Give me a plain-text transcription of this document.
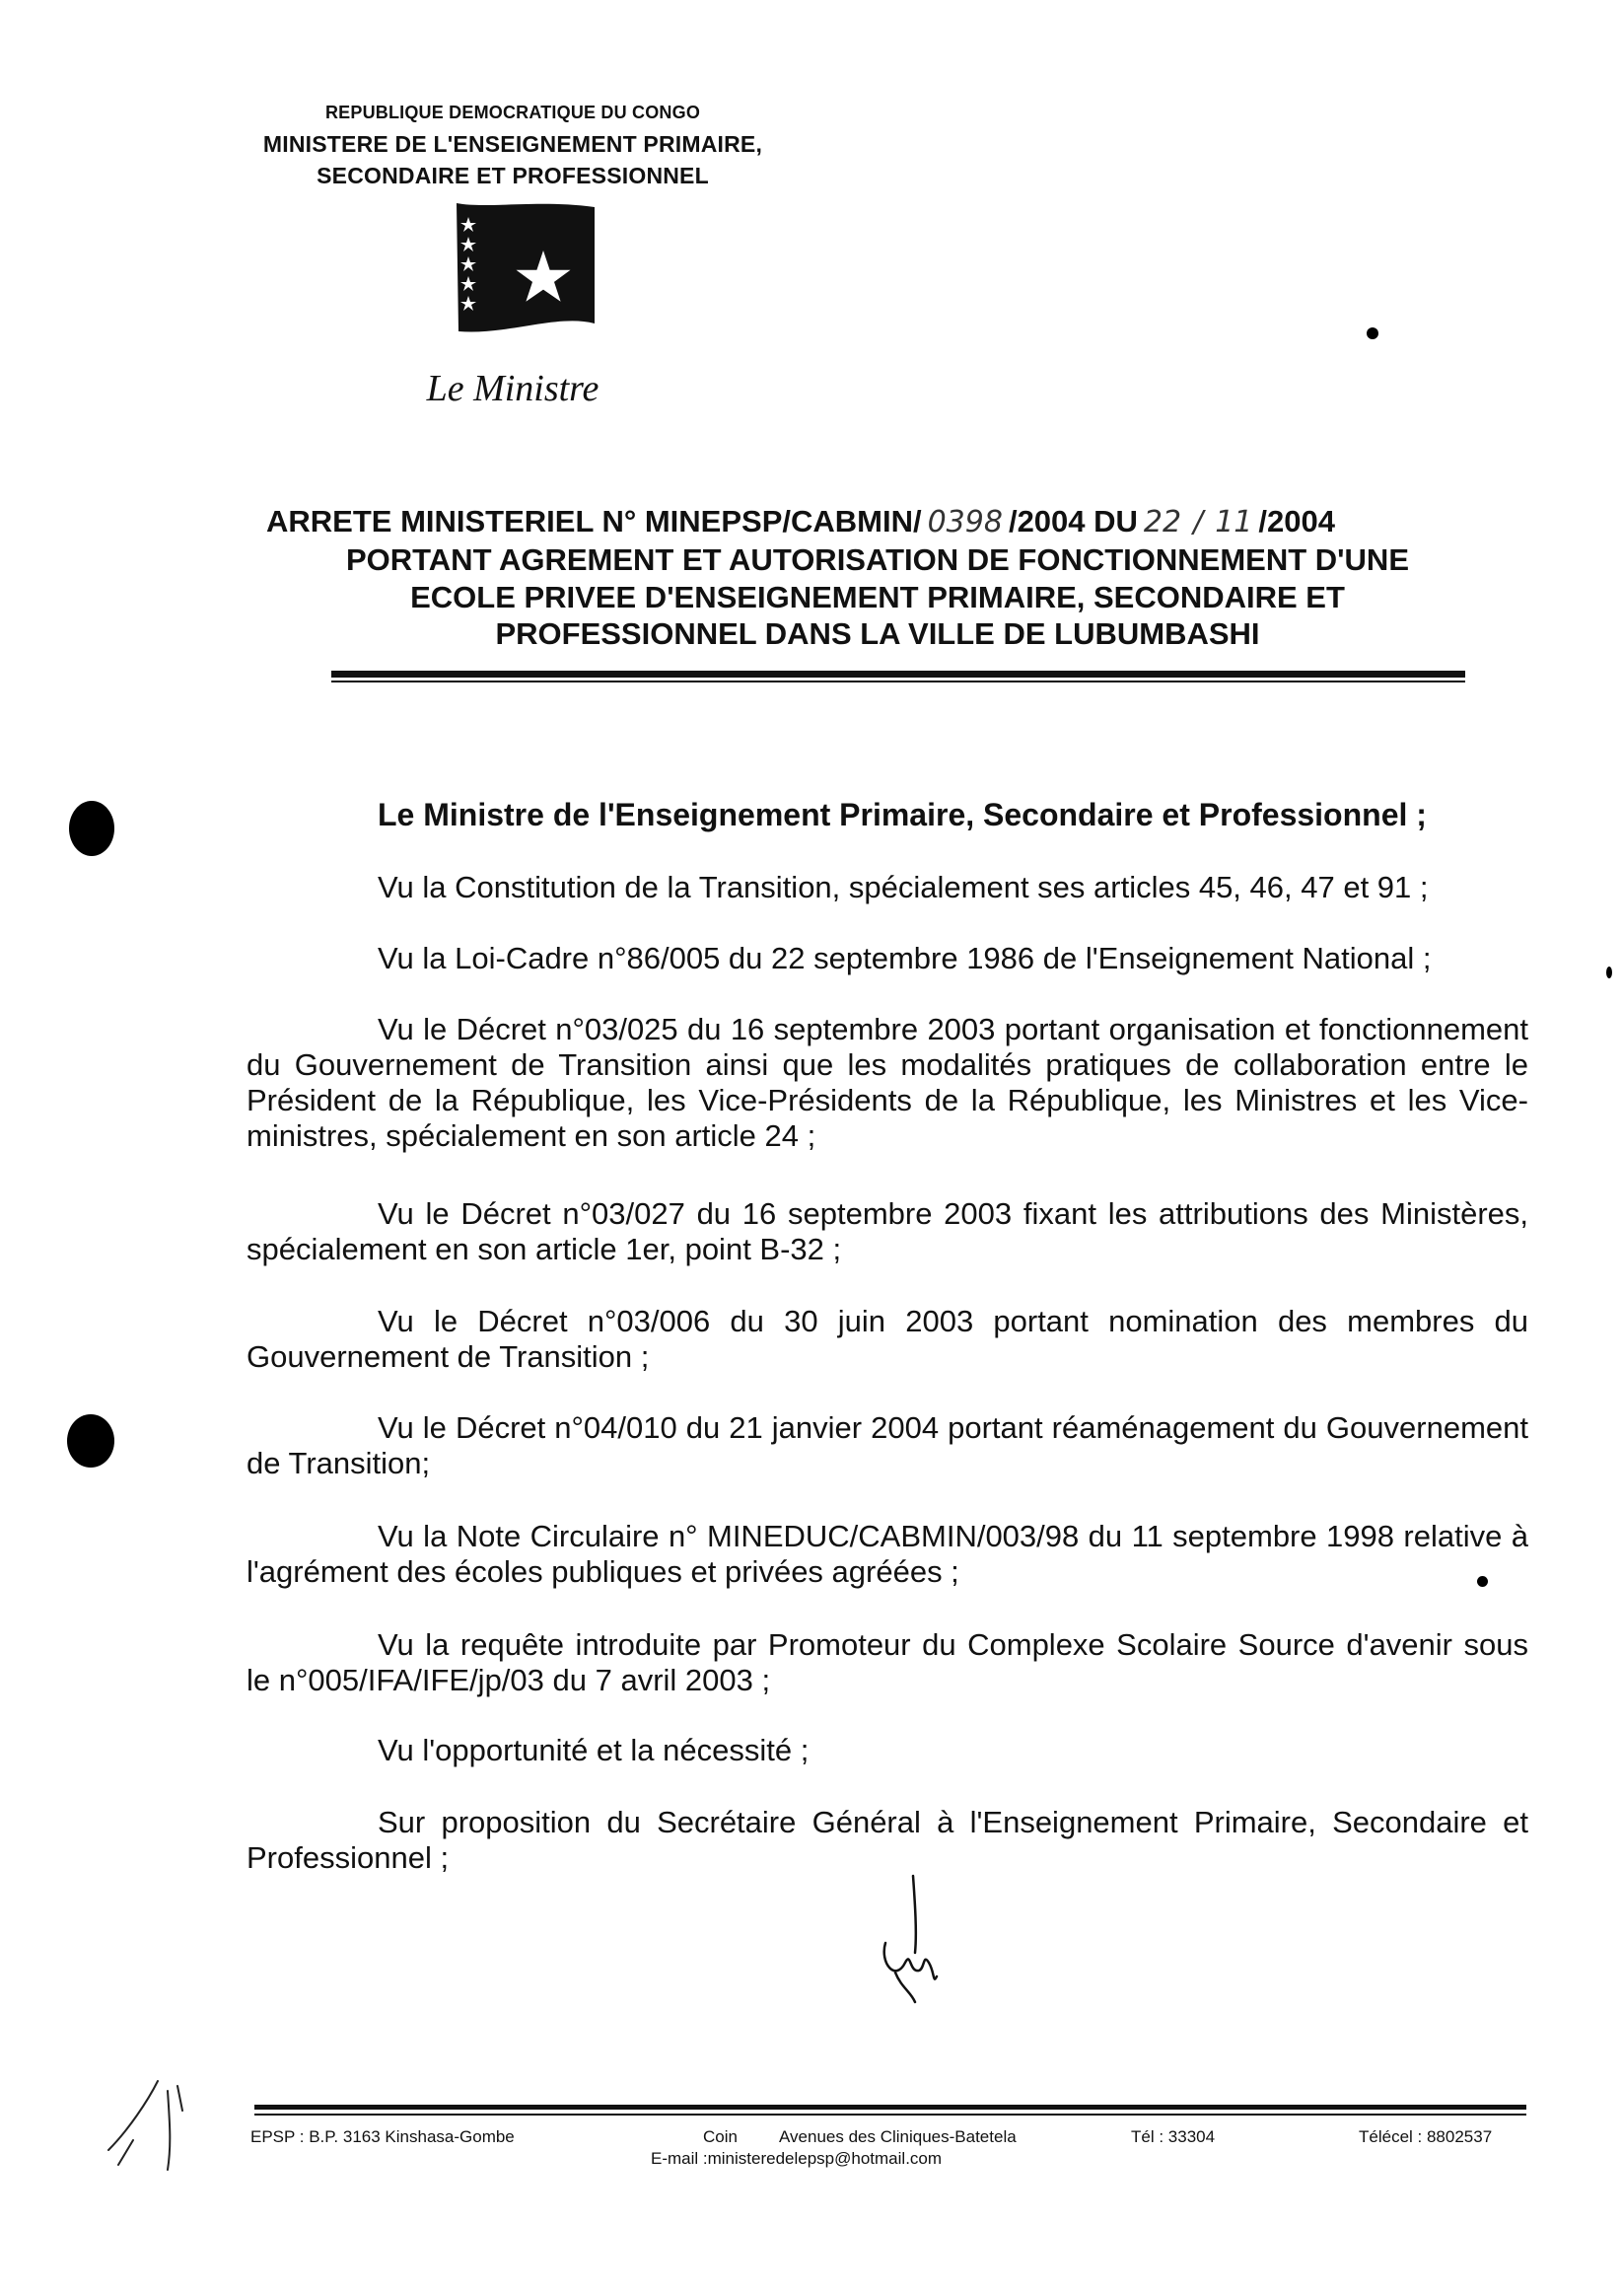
REPUBLIQUE DEMOCRATIQUE DU CONGO
MINISTERE DE L'ENSEIGNEMENT PRIMAIRE,
SECONDAIRE ET PROFESSIONNEL
Le Ministre
ARRETE MINISTERIEL N° MINEPSP/CABMIN/ 0398 /2004 DU 22 / 11 /2004
PORTANT AGREMENT ET AUTORISATION DE FONCTIONNEMENT D'UNE
ECOLE PRIVEE D'ENSEIGNEMENT PRIMAIRE, SECONDAIRE ET
PROFESSIONNEL DANS LA VILLE DE LUBUMBASHI
Le Ministre de l'Enseignement Primaire, Secondaire et Professionnel ;
Vu la Constitution de la Transition, spécialement ses articles 45, 46, 47 et 91 ;
Vu la Loi-Cadre n°86/005 du 22 septembre 1986 de l'Enseignement National ;
Vu le Décret n°03/025 du 16 septembre 2003 portant organisation et fonctionnement du Gouvernement de Transition ainsi que les modalités pratiques de collaboration entre le Président de la République, les Vice-Présidents de la République, les Ministres et les Vice-ministres, spécialement en son article 24 ;
Vu le Décret n°03/027 du 16 septembre 2003 fixant les attributions des Ministères, spécialement en son article 1er, point B-32 ;
Vu le Décret n°03/006 du 30 juin 2003 portant nomination des membres du Gouvernement de Transition ;
Vu le Décret n°04/010 du 21 janvier 2004 portant réaménagement du Gouvernement de Transition;
Vu la Note Circulaire n° MINEDUC/CABMIN/003/98 du 11 septembre 1998 relative à l'agrément des écoles publiques et privées agréées ;
Vu la requête introduite par Promoteur du Complexe Scolaire Source d'avenir sous le n°005/IFA/IFE/jp/03 du 7 avril 2003 ;
Vu l'opportunité et la nécessité ;
Sur proposition du Secrétaire Général à l'Enseignement Primaire, Secondaire et Professionnel ;
EPSP : B.P. 3163 Kinshasa-Gombe	Coin Avenues des Cliniques-Batetela
E-mail :ministeredelepsp@hotmail.com
Tél : 33304	Télécel : 8802537
